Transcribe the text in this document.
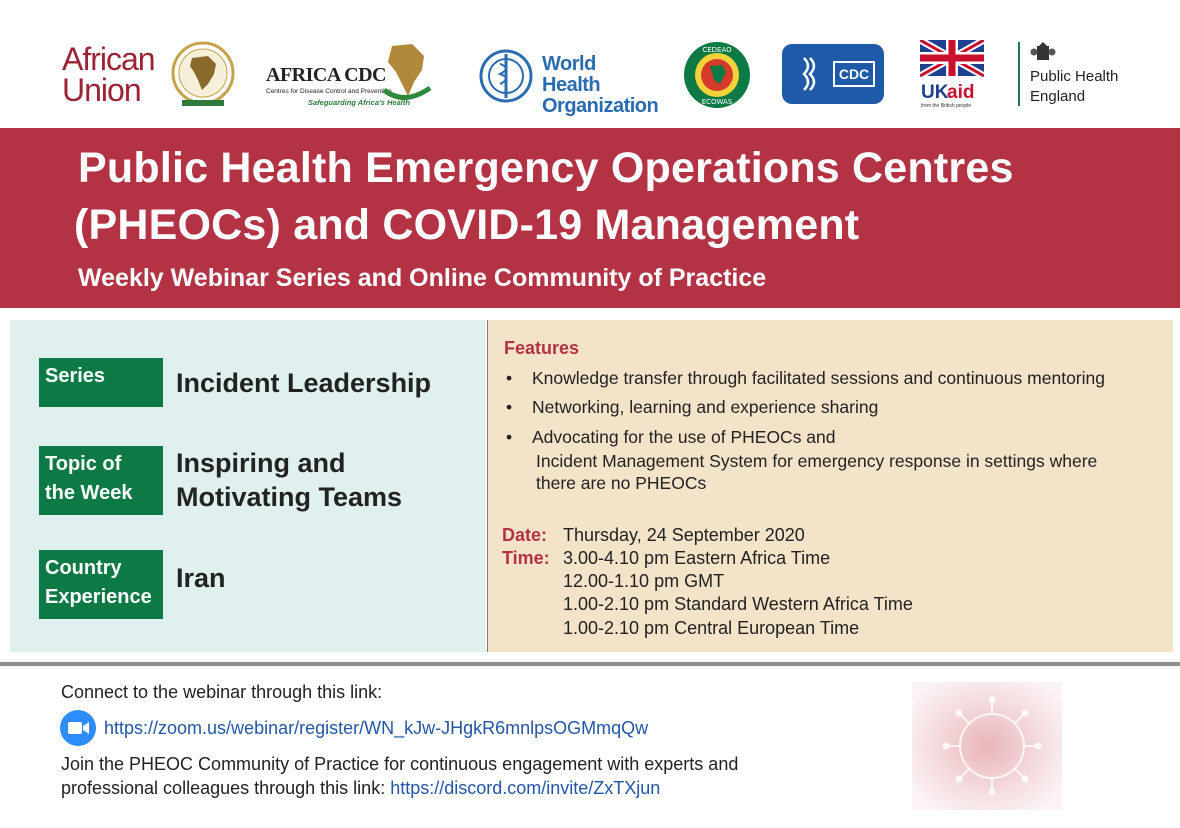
African
Union	AFRICA CDC
Centres for Disease Control and Prevention
Safeguarding Africa's Health
World Health
Organization
CEDEAO
ECOWAS
CDC
UK
aid
from the British people
Public Health
England
Public Health Emergency Operations Centres
(PHEOCs) and COVID-19 Management
Weekly Webinar Series and Online Community of Practice
Series	Incident Leadership
Topic of
the Week
Inspiring and
Motivating Teams
Country
Experience
Iran
Features
• Knowledge transfer through facilitated sessions and continuous mentoring
• Networking, learning and experience sharing
• Advocating for the use of PHEOCs and
Incident Management System for emergency response in settings where
there are no PHEOCs
Date: Thursday, 24 September 2020
Time: 3.00-4.10 pm Eastern Africa Time
12.00-1.10 pm GMT
1.00-2.10 pm Standard Western Africa Time
1.00-2.10 pm Central European Time
Connect to the webinar through this link:
https://zoom.us/webinar/register/WN_kJw-JHgkR6mnlpsOGMmqQw
Join the PHEOC Community of Practice for continuous engagement with experts and
professional colleagues through this link: https://discord.com/invite/ZxTXjun
